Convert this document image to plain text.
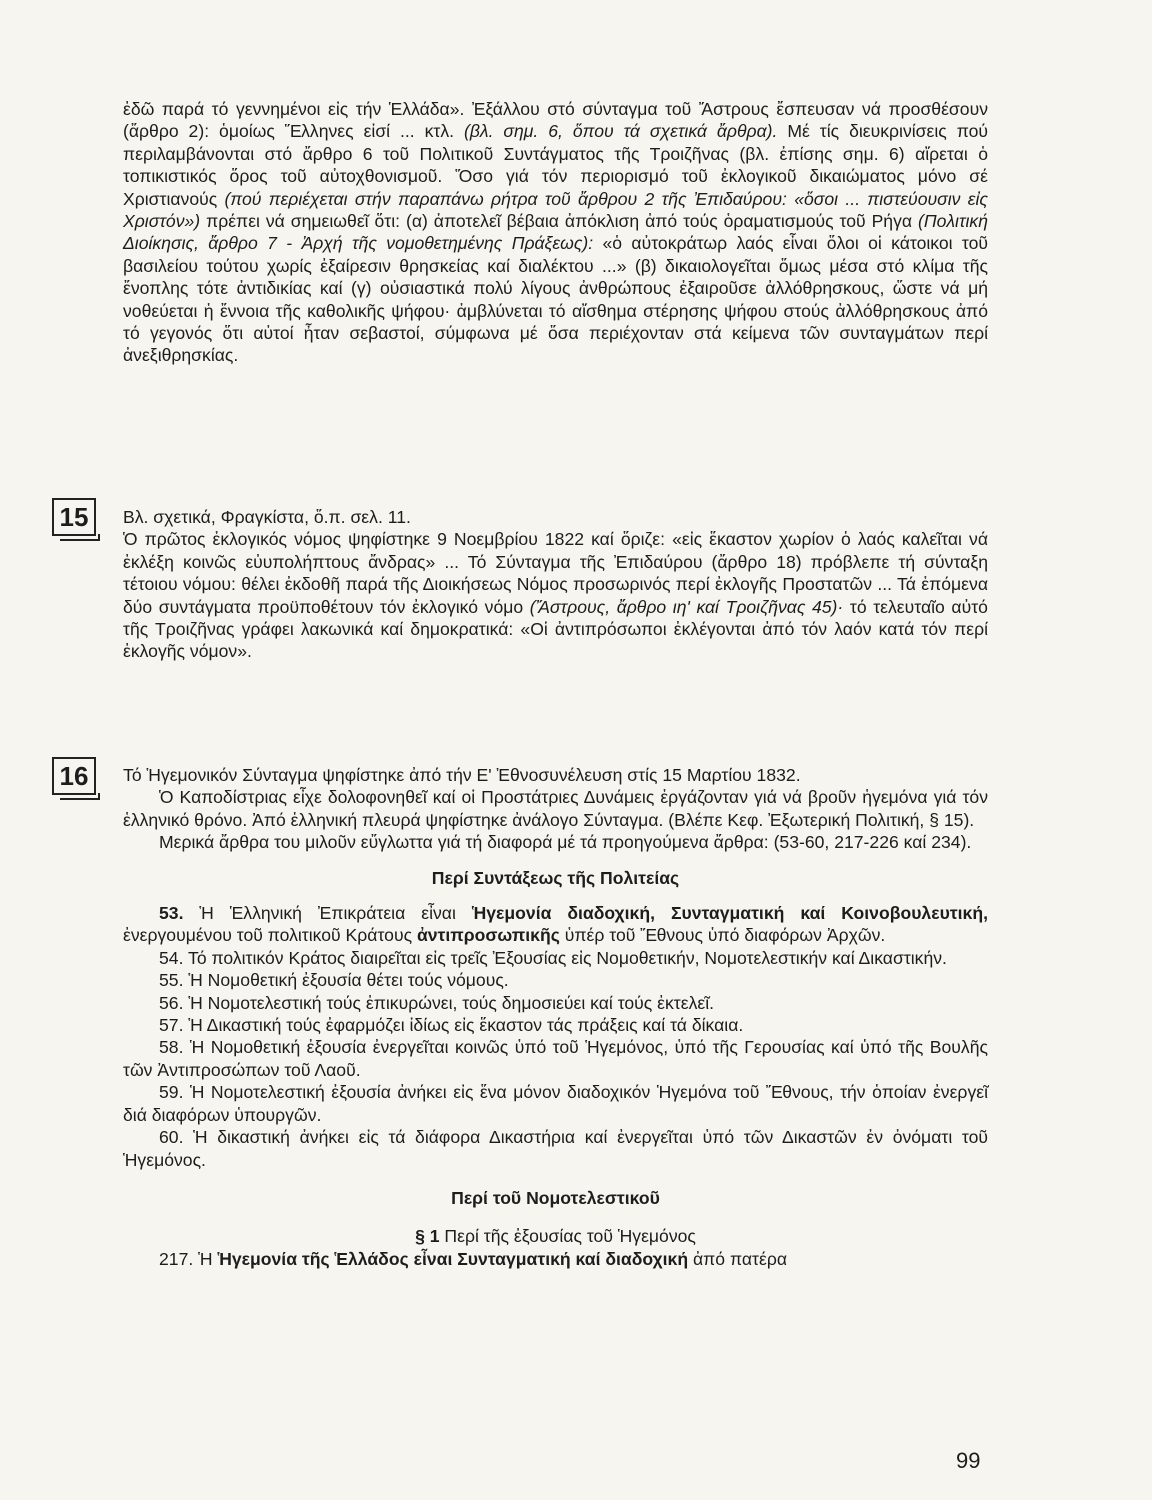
ἐδῶ παρά τό γεννημένοι εἰς τήν Ἑλλάδα». Ἐξάλλου στό σύνταγμα τοῦ Ἄστρους ἔσπευσαν νά προσθέσουν (ἄρθρο 2): ὁμοίως Ἕλληνες εἰσί ... κτλ. (βλ. σημ. 6, ὅπου τά σχετικά ἄρθρα). Μέ τίς διευκρινίσεις πού περιλαμβάνονται στό ἄρθρο 6 τοῦ Πολιτικοῦ Συντάγματος τῆς Τροιζῆνας (βλ. ἐπίσης σημ. 6) αἴρεται ὁ τοπικιστικός ὅρος τοῦ αὐτοχθονισμοῦ. Ὅσο γιά τόν περιορισμό τοῦ ἐκλογικοῦ δικαιώματος μόνο σέ Χριστιανούς (πού περιέχεται στήν παραπάνω ρήτρα τοῦ ἄρθρου 2 τῆς Ἐπιδαύρου: «ὅσοι ... πιστεύουσιν εἰς Χριστόν») πρέπει νά σημειωθεῖ ὅτι: (α) ἀποτελεῖ βέβαια ἀπόκλιση ἀπό τούς ὁραματισμούς τοῦ Ρήγα (Πολιτική Διοίκησις, ἄρθρο 7 - Ἀρχή τῆς νομοθετημένης Πράξεως): «ὁ αὐτοκράτωρ λαός εἶναι ὅλοι οἱ κάτοικοι τοῦ βασιλείου τούτου χωρίς ἐξαίρεσιν θρησκείας καί διαλέκτου ...» (β) δικαιολογεῖται ὅμως μέσα στό κλίμα τῆς ἔνοπλης τότε ἀντιδικίας καί (γ) οὐσιαστικά πολύ λίγους ἀνθρώπους ἐξαιροῦσε ἀλλόθρησκους, ὥστε νά μή νοθεύεται ἡ ἔννοια τῆς καθολικῆς ψήφου· ἀμβλύνεται τό αἴσθημα στέρησης ψήφου στούς ἀλλόθρησκους ἀπό τό γεγονός ὅτι αὐτοί ἦταν σεβαστοί, σύμφωνα μέ ὅσα περιέχονταν στά κείμενα τῶν συνταγμάτων περί ἀνεξιθρησκίας.

15	Βλ. σχετικά, Φραγκίστα, ὅ.π. σελ. 11.

Ὁ πρῶτος ἐκλογικός νόμος ψηφίστηκε 9 Νοεμβρίου 1822 καί ὅριζε: «εἰς ἕκαστον χωρίον ὁ λαός καλεῖται νά ἐκλέξη κοινῶς εὐυπολήπτους ἄνδρας» ... Τό Σύνταγμα τῆς Ἐπιδαύρου (ἄρθρο 18) πρόβλεπε τή σύνταξη τέτοιου νόμου: θέλει ἐκδοθῆ παρά τῆς Διοικήσεως Νόμος προσωρινός περί ἐκλογῆς Προστατῶν ... Τά ἑπόμενα δύο συντάγματα προϋποθέτουν τόν ἐκλογικό νόμο (Ἄστρους, ἄρθρο ιη' καί Τροιζῆνας 45)· τό τελευταῖο αὐτό τῆς Τροιζῆνας γράφει λακωνικά καί δημοκρατικά: «Οἱ ἀντιπρόσωποι ἐκλέγονται ἀπό τόν λαόν κατά τόν περί ἐκλογῆς νόμον».

16	Τό Ἡγεμονικόν Σύνταγμα ψηφίστηκε ἀπό τήν Ε' Ἐθνοσυνέλευση στίς 15 Μαρτίου 1832.

Ὁ Καποδίστριας εἶχε δολοφονηθεῖ καί οἱ Προστάτριες Δυνάμεις ἐργάζονταν γιά νά βροῦν ἡγεμόνα γιά τόν ἑλληνικό θρόνο. Ἀπό ἑλληνική πλευρά ψηφίστηκε ἀνάλογο Σύνταγμα. (Βλέπε Κεφ. Ἐξωτερική Πολιτική, § 15).

Μερικά ἄρθρα του μιλοῦν εὔγλωττα γιά τή διαφορά μέ τά προηγούμενα ἄρθρα: (53-60, 217-226 καί 234).

Περί Συντάξεως τῆς Πολιτείας

53. Ἡ Ἑλληνική Ἐπικράτεια εἶναι Ἡγεμονία διαδοχική, Συνταγματική καί Κοινοβουλευτική, ἐνεργουμένου τοῦ πολιτικοῦ Κράτους ἀντιπροσωπικῆς ὑπέρ τοῦ Ἔθνους ὑπό διαφόρων Ἀρχῶν.

54. Τό πολιτικόν Κράτος διαιρεῖται εἰς τρεῖς Ἐξουσίας εἰς Νομοθετικήν, Νομοτελεστικήν καί Δικαστικήν.

55. Ἡ Νομοθετική ἐξουσία θέτει τούς νόμους.

56. Ἡ Νομοτελεστική τούς ἐπικυρώνει, τούς δημοσιεύει καί τούς ἐκτελεῖ.

57. Ἡ Δικαστική τούς ἐφαρμόζει ἰδίως εἰς ἕκαστον τάς πράξεις καί τά δίκαια.

58. Ἡ Νομοθετική ἐξουσία ἐνεργεῖται κοινῶς ὑπό τοῦ Ἡγεμόνος, ὑπό τῆς Γερουσίας καί ὑπό τῆς Βουλῆς τῶν Ἀντιπροσώπων τοῦ Λαοῦ.

59. Ἡ Νομοτελεστική ἐξουσία ἀνήκει εἰς ἕνα μόνον διαδοχικόν Ἡγεμόνα τοῦ Ἔθνους, τήν ὁποίαν ἐνεργεῖ διά διαφόρων ὑπουργῶν.

60. Ἡ δικαστική ἀνήκει εἰς τά διάφορα Δικαστήρια καί ἐνεργεῖται ὑπό τῶν Δικαστῶν ἐν ὀνόματι τοῦ Ἡγεμόνος.

Περί τοῦ Νομοτελεστικοῦ

§ 1 Περί τῆς ἐξουσίας τοῦ Ἡγεμόνος

217. Ἡ Ἡγεμονία τῆς Ἑλλάδος εἶναι Συνταγματική καί διαδοχική ἀπό πατέρα

99
